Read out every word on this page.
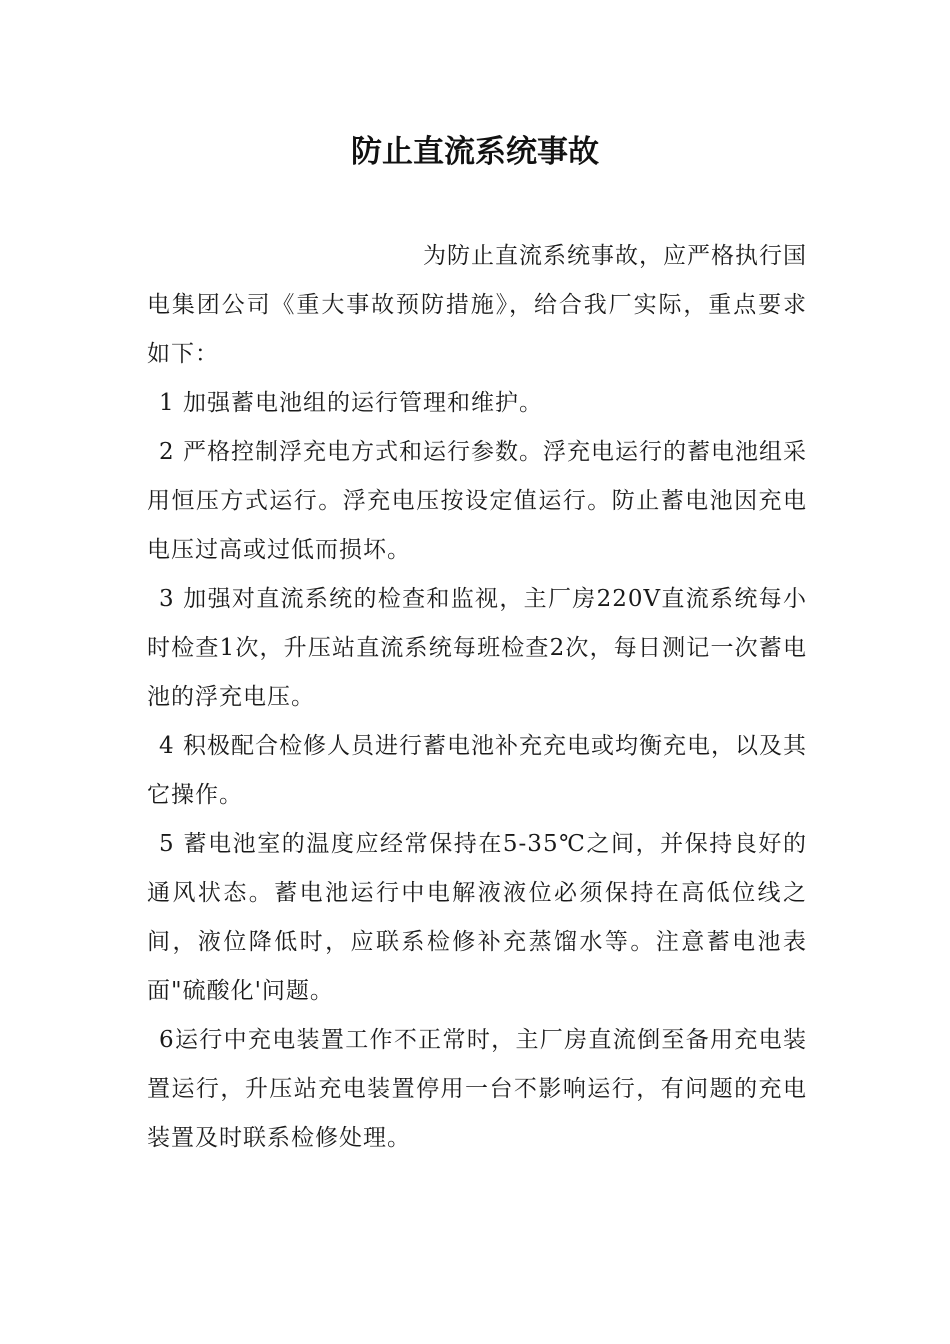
防止直流系统事故

为防止直流系统事故，应严格执行国电集团公司《重大事故预防措施》，给合我厂实际，重点要求如下：

1 加强蓄电池组的运行管理和维护。

2 严格控制浮充电方式和运行参数。浮充电运行的蓄电池组采用恒压方式运行。浮充电压按设定值运行。防止蓄电池因充电电压过高或过低而损坏。

3 加强对直流系统的检查和监视，主厂房220V直流系统每小时检查1次，升压站直流系统每班检查2次，每日测记一次蓄电池的浮充电压。

4 积极配合检修人员进行蓄电池补充充电或均衡充电，以及其它操作。

5 蓄电池室的温度应经常保持在5-35℃之间，并保持良好的通风状态。蓄电池运行中电解液液位必须保持在高低位线之间，液位降低时，应联系检修补充蒸馏水等。注意蓄电池表面"硫酸化'问题。

6运行中充电装置工作不正常时，主厂房直流倒至备用充电装置运行，升压站充电装置停用一台不影响运行，有问题的充电装置及时联系检修处理。
